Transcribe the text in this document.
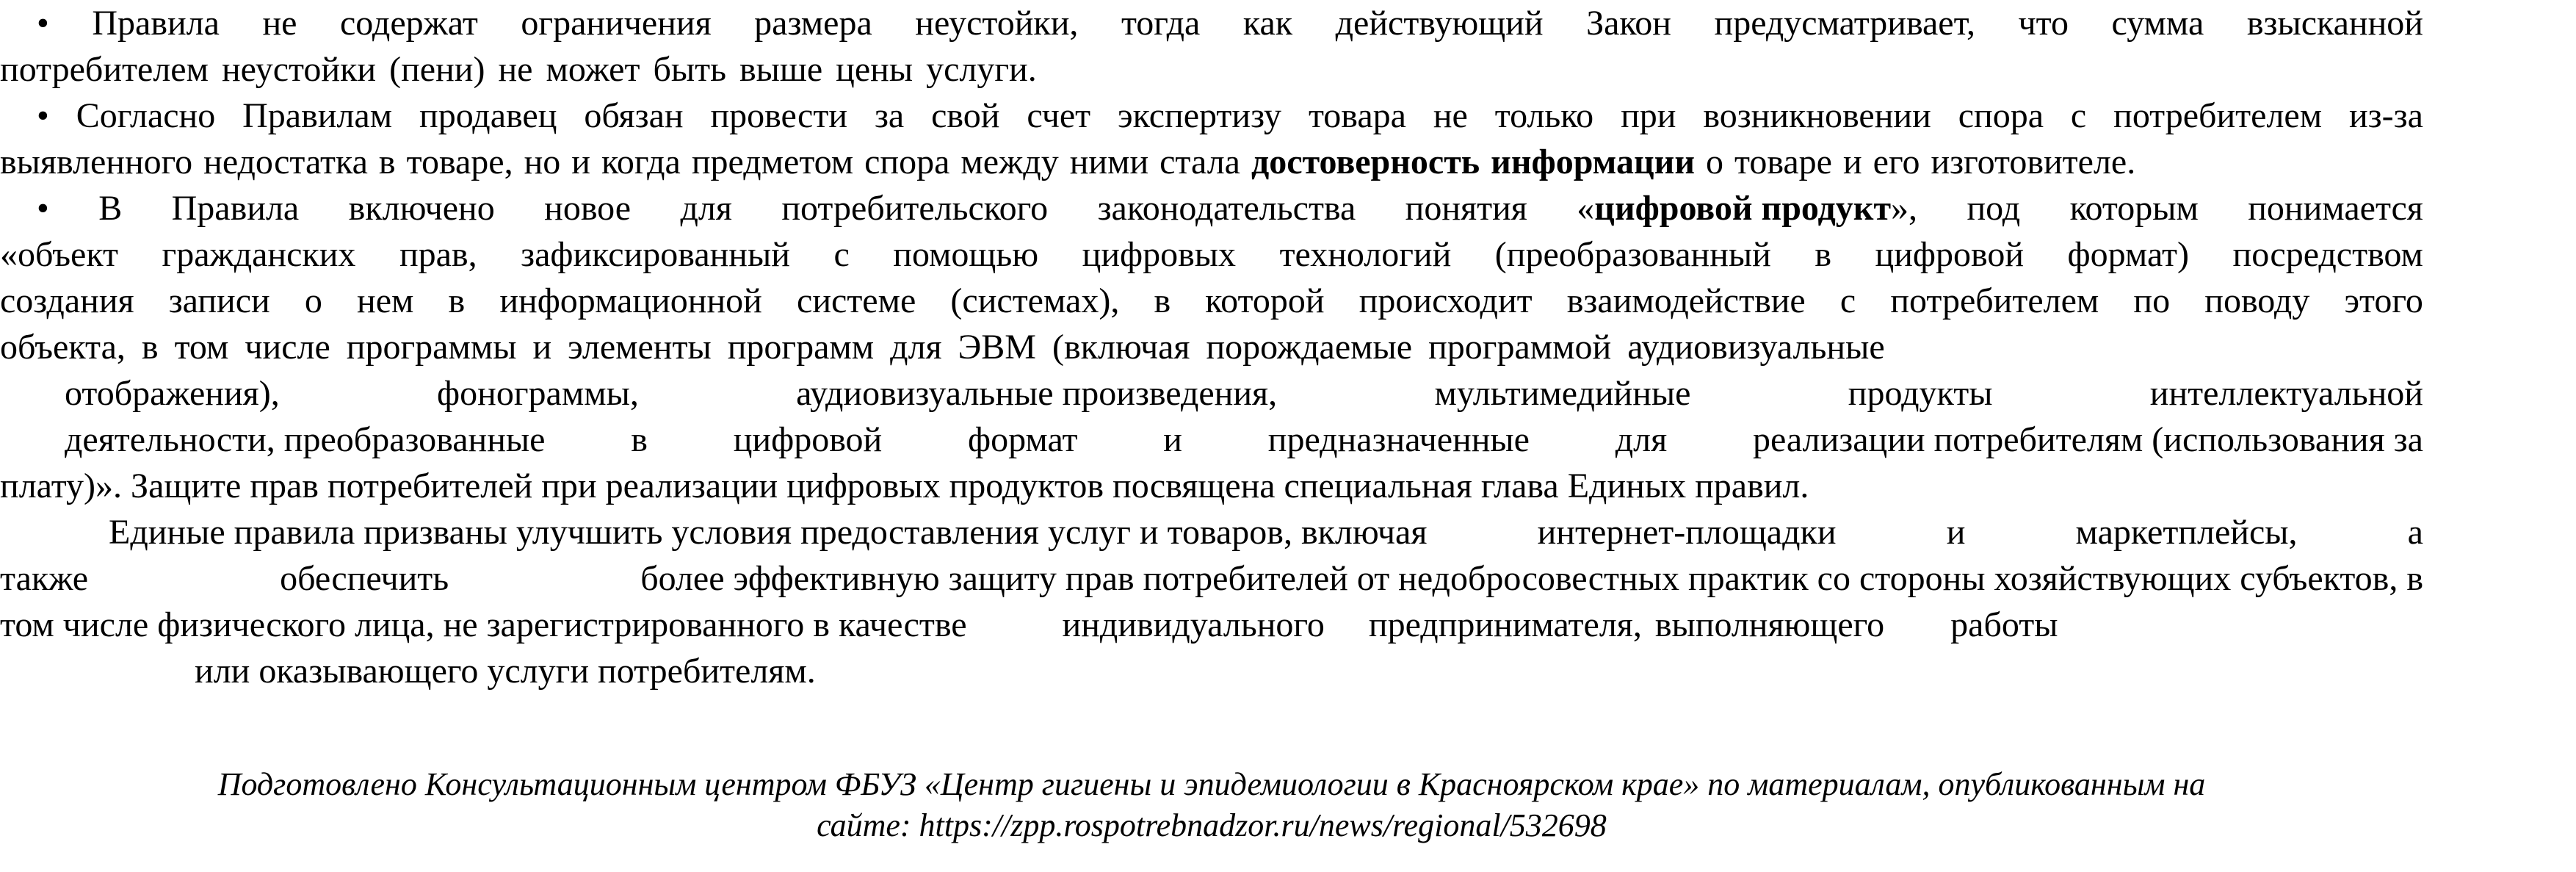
• Правила не содержат ограничения размера неустойки, тогда как действующий Закон предусматривает, что сумма взысканной
потребителем неустойки (пени) не может быть выше цены услуги.
• Согласно Правилам продавец обязан провести за свой счет экспертизу товара не только при возникновении спора с потребителем из-за
выявленного недостатка в товаре, но и когда предметом спора между ними стала достоверность информации о товаре и его изготовителе.
• В Правила включено новое для потребительского законодательства понятия «цифровой продукт», под которым понимается
«объект гражданских прав, зафиксированный с помощью цифровых технологий (преобразованный в цифровой формат) посредством
создания записи о нем в информационной системе (системах), в которой происходит взаимодействие с потребителем по поводу этого
объекта, в том числе программы и элементы программ для ЭВМ (включая порождаемые программой аудиовизуальные
отображения),	фонограммы,	аудиовизуальные произведения,	мультимедийные	продукты	интеллектуальной
деятельности, преобразованные в цифровой формат и предназначенные для реализации потребителям (использования за
плату)». Защите прав потребителей при реализации цифровых продуктов посвящена специальная глава Единых правил.
Единые правила призваны улучшить условия предоставления услуг и товаров, включая	интернет-площадки	и	маркетплейсы,	а
также	обеспечить	более эффективную защиту прав потребителей от недобросовестных практик со стороны хозяйствующих субъектов, в
том числе физического лица, не зарегистрированного в качестве	индивидуального предпринимателя, выполняющего работы
или оказывающего услуги потребителям.
Подготовлено Консультационным центром ФБУЗ «Центр гигиены и эпидемиологии в Красноярском крае» по материалам, опубликованным на
сайте: https://zpp.rospotrebnadzor.ru/news/regional/532698
